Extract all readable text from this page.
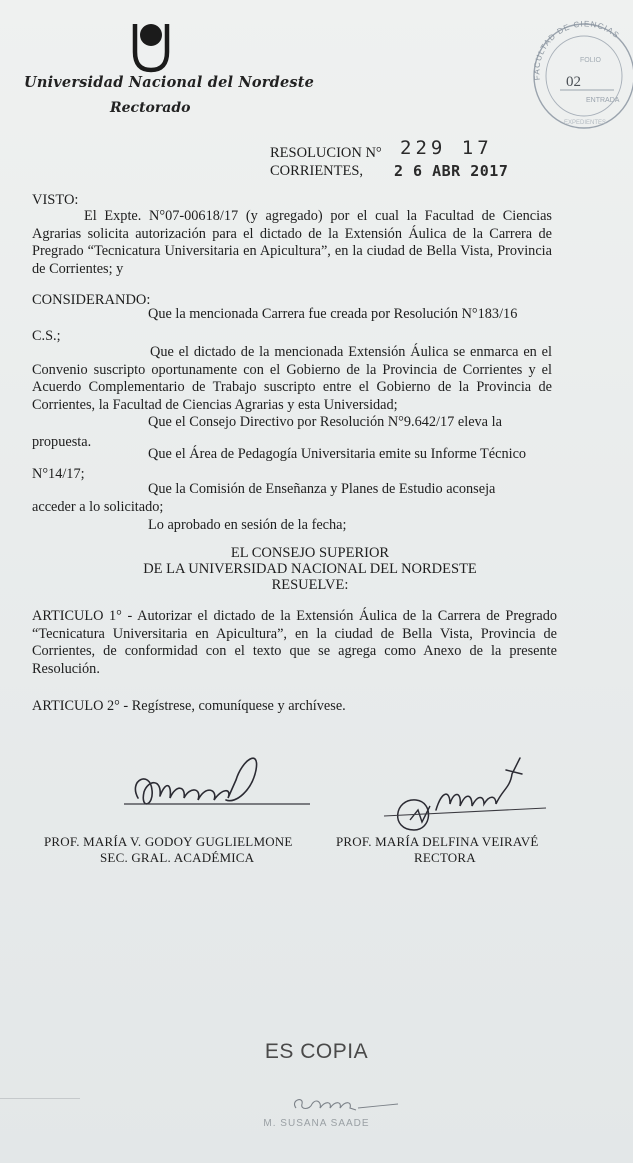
Universidad Nacional del Nordeste
Rectorado
FACULTAD DE CIENCIAS
FOLIO
02
ENTRADA
EXPEDIENTES
RESOLUCION N° 229 17
CORRIENTES, 2 6 ABR 2017
VISTO:
El Expte. N°07-00618/17 (y agregado) por el cual la Facultad de Ciencias Agrarias solicita autorización para el dictado de la Extensión Áulica de la Carrera de Pregrado “Tecnicatura Universitaria en Apicultura”, en la ciudad de Bella Vista, Provincia de Corrientes; y
CONSIDERANDO:
Que la mencionada Carrera fue creada por Resolución N°183/16
C.S.;
Que el dictado de la mencionada Extensión Áulica se enmarca en el Convenio suscripto oportunamente con el Gobierno de la Provincia de Corrientes y el Acuerdo Complementario de Trabajo suscripto entre el Gobierno de la Provincia de Corrientes, la Facultad de Ciencias Agrarias y esta Universidad;
Que el Consejo Directivo por Resolución N°9.642/17 eleva la
propuesta.
Que el Área de Pedagogía Universitaria emite su Informe Técnico
N°14/17;
Que la Comisión de Enseñanza y Planes de Estudio aconseja
acceder a lo solicitado;
Lo aprobado en sesión de la fecha;
EL CONSEJO SUPERIOR
DE LA UNIVERSIDAD NACIONAL DEL NORDESTE
RESUELVE:
ARTICULO 1° - Autorizar el dictado de la Extensión Áulica de la Carrera de Pregrado “Tecnicatura Universitaria en Apicultura”, en la ciudad de Bella Vista, Provincia de Corrientes, de conformidad con el texto que se agrega como Anexo de la presente Resolución.
ARTICULO 2° - Regístrese, comuníquese y archívese.
PROF. MARÍA V. GODOY GUGLIELMONE
SEC. GRAL. ACADÉMICA
PROF. MARÍA DELFINA VEIRAVÉ
RECTORA
ES COPIA
M. SUSANA SAADE
